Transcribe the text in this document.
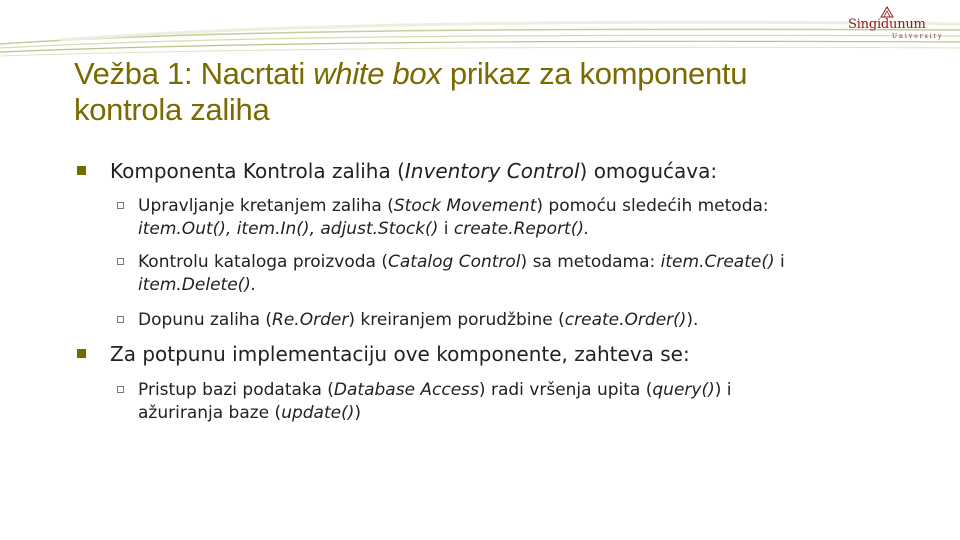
Singidunum
University
Vežba 1: Nacrtati white box prikaz za komponentu
kontrola zaliha
Komponenta Kontrola zaliha (Inventory Control) omogućava:
Upravljanje kretanjem zaliha (Stock Movement) pomoću sledećih metoda:
item.Out(), item.In(), adjust.Stock() i create.Report().
Kontrolu kataloga proizvoda (Catalog Control) sa metodama: item.Create() i
item.Delete().
Dopunu zaliha (Re.Order) kreiranjem porudžbine (create.Order()).
Za potpunu implementaciju ove komponente, zahteva se:
Pristup bazi podataka (Database Access) radi vršenja upita (query()) i
ažuriranja baze (update())
